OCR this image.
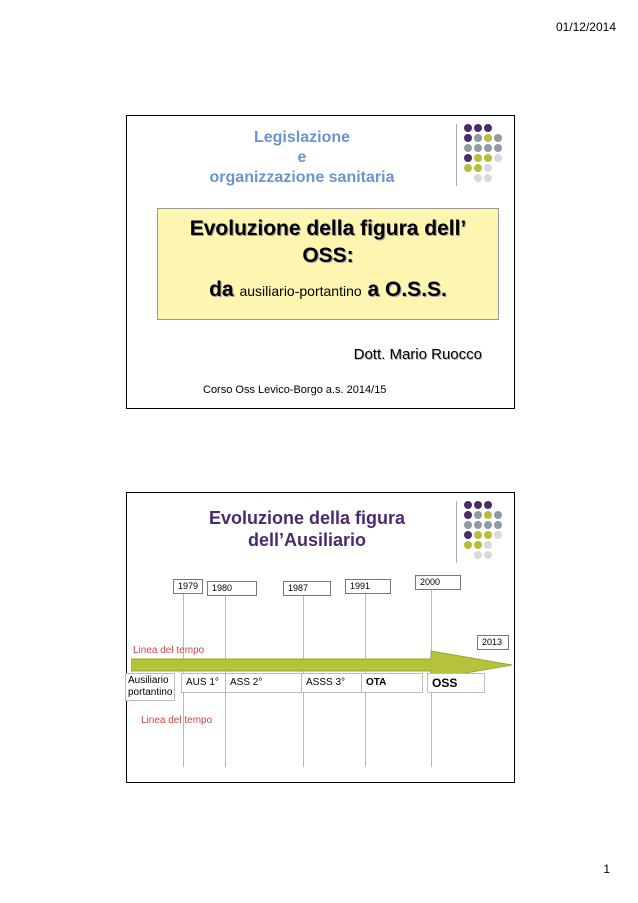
01/12/2014
Legislazione
e
organizzazione sanitaria
Evoluzione della figura dell’
OSS:
da ausiliario-portantino a O.S.S.
Dott. Mario Ruocco
Corso Oss Levico-Borgo a.s. 2014/15
Evoluzione della figura
dell’Ausiliario
1979	1980	1987	1991	2000
2013
Linea del tempo
Ausiliario
portantino
AUS 1°	ASS 2°	ASSS 3°	OTA	OSS
Linea del tempo
1
